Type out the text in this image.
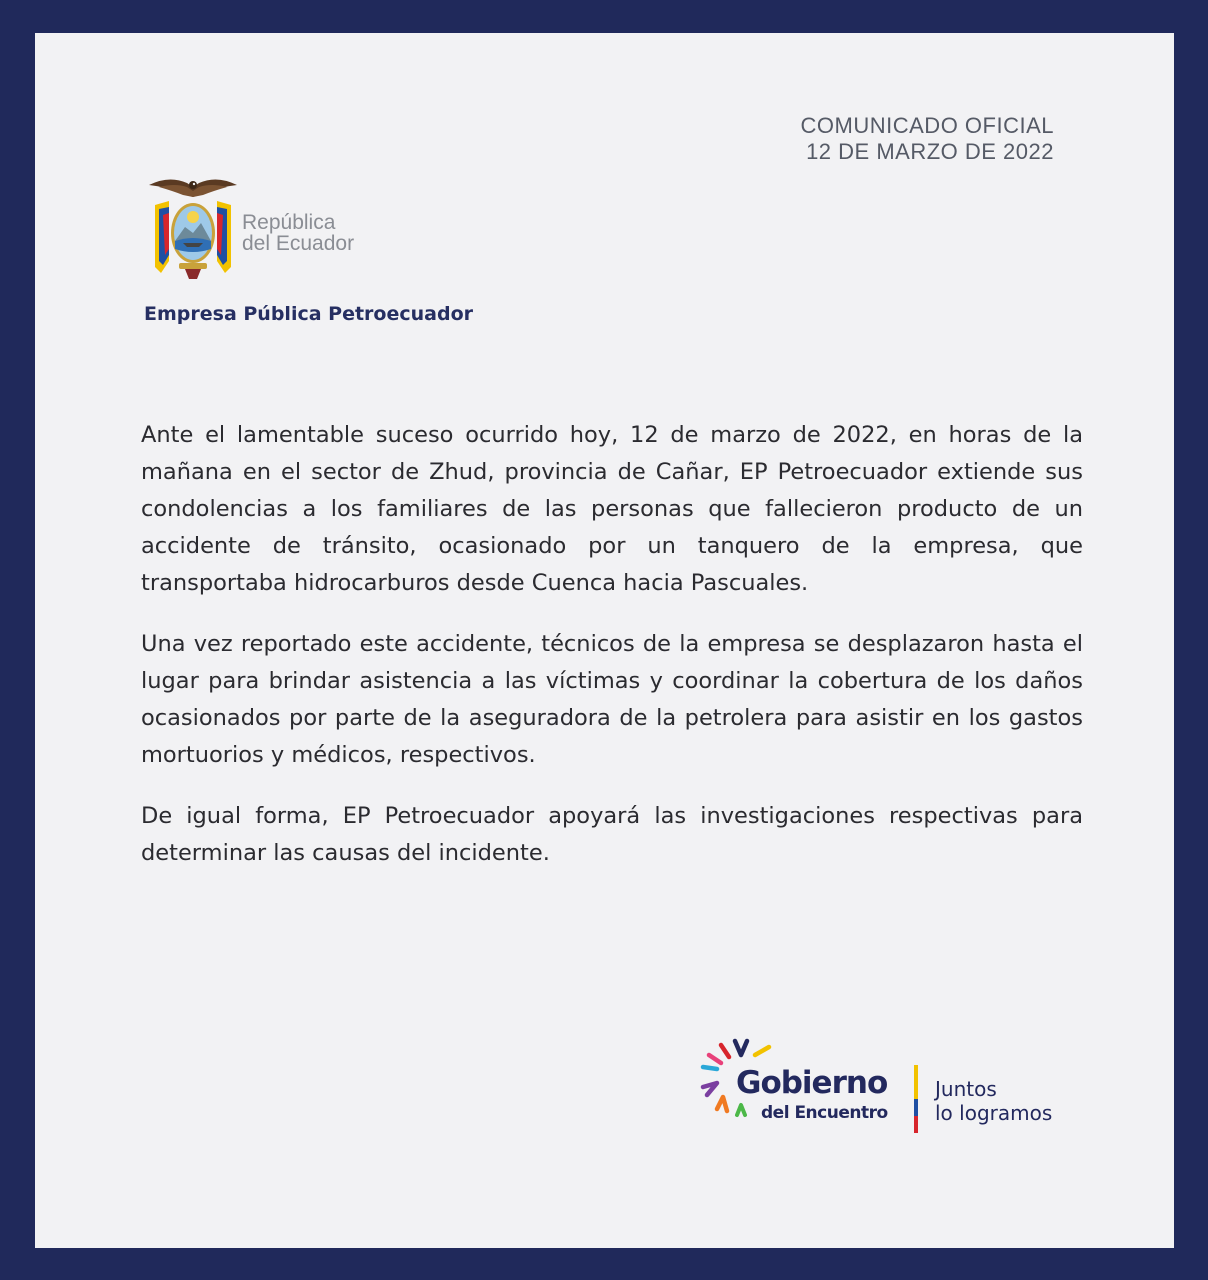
COMUNICADO OFICIAL
12 DE MARZO DE 2022
República
del Ecuador
Empresa Pública Petroecuador

Ante el lamentable suceso ocurrido hoy, 12 de marzo de 2022, en horas de la mañana en el sector de Zhud, provincia de Cañar, EP Petroecuador extiende sus condolencias a los familiares de las personas que fallecieron producto de un accidente de tránsito, ocasionado por un tanquero de la empresa, que transportaba hidrocarburos desde Cuenca hacia Pascuales.

Una vez reportado este accidente, técnicos de la empresa se desplazaron hasta el lugar para brindar asistencia a las víctimas y coordinar la cobertura de los daños ocasionados por parte de la aseguradora de la petrolera para asistir en los gastos mortuorios y médicos, respectivos.

De igual forma, EP Petroecuador apoyará las investigaciones respectivas para determinar las causas del incidente.

Gobierno
del Encuentro
Juntos
lo logramos
